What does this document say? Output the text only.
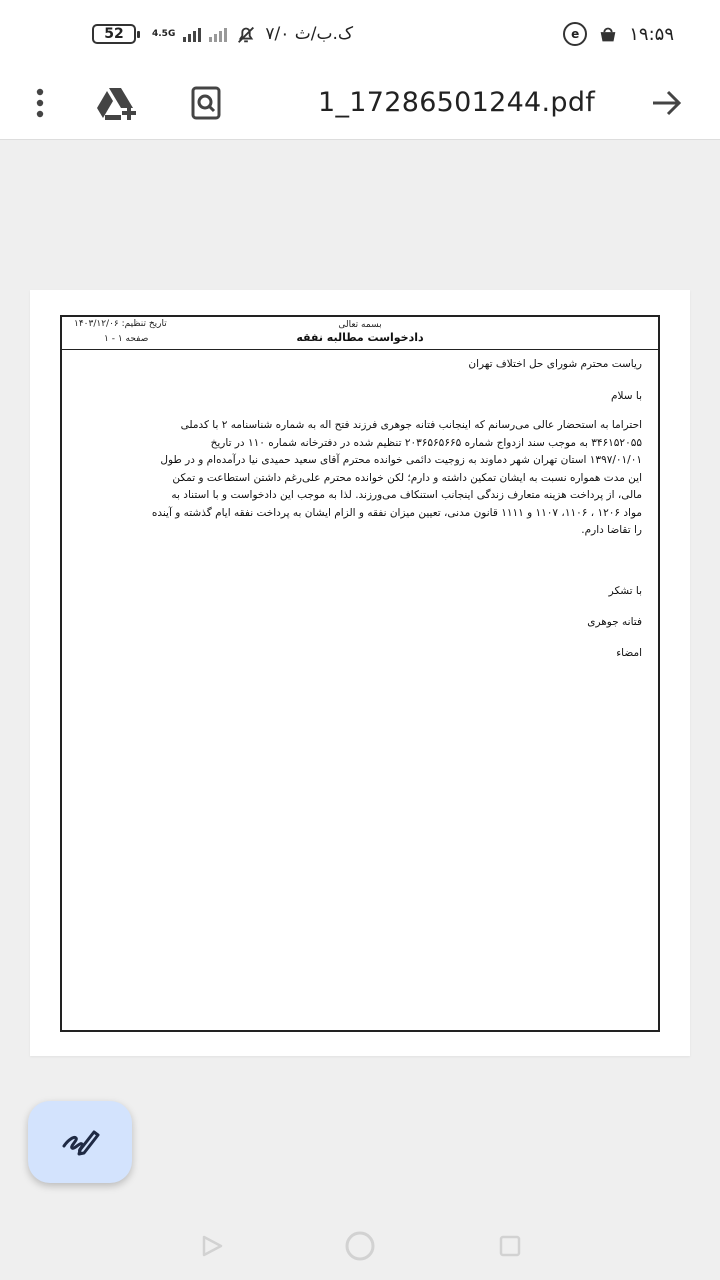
52	4.5G	۷/۰ ک.ب/ث	e	۱۹:۵۹
1_17286501244.pdf
تاریخ تنظیم: ۱۴۰۳/۱۲/۰۶
صفحه ۱ - ۱
بسمه تعالی
دادخواست مطالبه نفقه
ریاست محترم شورای حل اختلاف تهران
با سلام
احتراما به استحضار عالی می‌رسانم که اینجانب فتانه جوهری فرزند فتح اله به شماره شناسنامه ۲ با کدملی
۳۴۶۱۵۲۰۵۵ به موجب سند ازدواج شماره ۲۰۳۶۵۶۵۶۶۵ تنظیم شده در دفترخانه شماره ۱۱۰ در تاریخ
۱۳۹۷/۰۱/۰۱ استان تهران شهر دماوند به زوجیت دائمی خوانده محترم آقای سعید حمیدی نیا درآمده‌ام و در طول
این مدت همواره نسبت به ایشان تمکین داشته و دارم؛ لکن خوانده محترم علی‌رغم داشتن استطاعت و تمکن
مالی، از پرداخت هزینه متعارف زندگی اینجانب استنکاف می‌ورزند. لذا به موجب این دادخواست و با استناد به
مواد ۱۲۰۶ ، ۱۱۰۶، ۱۱۰۷ و ۱۱۱۱ قانون مدنی، تعیین میزان نفقه و الزام ایشان به پرداخت نفقه ایام گذشته و آینده
را تقاضا دارم.
با تشکر
فتانه جوهری
امضاء
